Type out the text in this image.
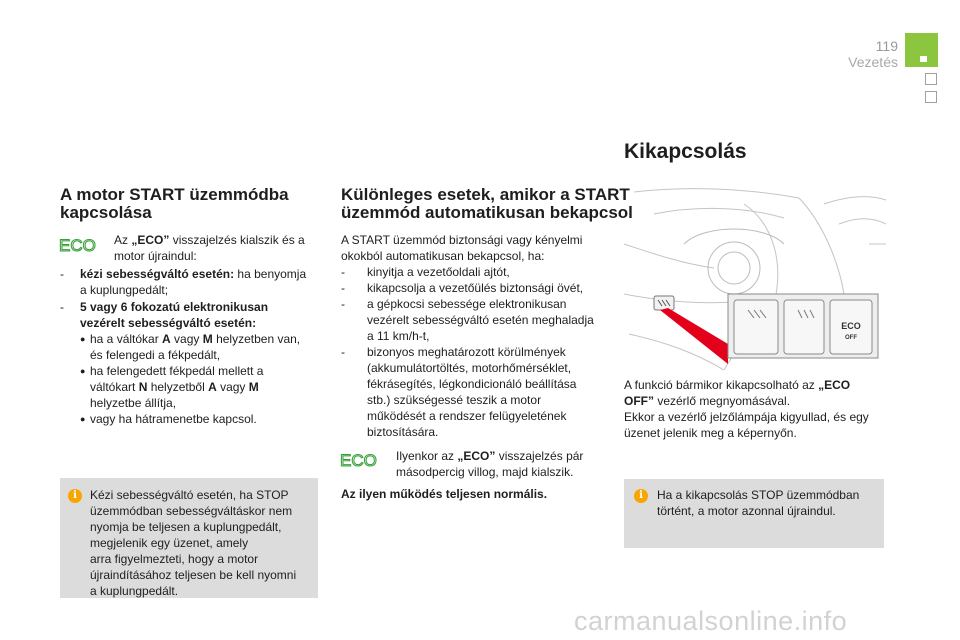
119
Vezetés
A motor START üzemmódba
kapcsolása
ECO Az „ECO” visszajelzés kialszik és a
motor újraindul:
- kézi sebességváltó esetén: ha benyomja
a kuplungpedált;
- 5 vagy 6 fokozatú elektronikusan
vezérelt sebességváltó esetén:
● ha a váltókar A vagy M helyzetben van,
és felengedi a fékpedált,
● ha felengedett fékpedál mellett a
váltókart N helyzetből A vagy M
helyzetbe állítja,
● vagy ha hátramenetbe kapcsol.
i	Kézi sebességváltó esetén, ha STOP
üzemmódban sebességváltáskor nem
nyomja be teljesen a kuplungpedált,
megjelenik egy üzenet, amely
arra figyelmezteti, hogy a motor
újraindításához teljesen be kell nyomni
a kuplungpedált.
Különleges esetek, amikor a START
üzemmód automatikusan bekapcsol
A START üzemmód biztonsági vagy kényelmi
okokból automatikusan bekapcsol, ha:
- kinyitja a vezetőoldali ajtót,
- kikapcsolja a vezetőülés biztonsági övét,
- a gépkocsi sebessége elektronikusan
vezérelt sebességváltó esetén meghaladja
a 11 km/h-t,
- bizonyos meghatározott körülmények
(akkumulátortöltés, motorhőmérséklet,
fékrásegítés, légkondicionáló beállítása
stb.) szükségessé teszik a motor
működését a rendszer felügyeletének
biztosítására.
ECO Ilyenkor az „ECO” visszajelzés pár
másodpercig villog, majd kialszik.
Az ilyen működés teljesen normális.
Kikapcsolás
ECO
OFF
A funkció bármikor kikapcsolható az „ECO
OFF” vezérlő megnyomásával.
Ekkor a vezérlő jelzőlámpája kigyullad, és egy
üzenet jelenik meg a képernyőn.
i	Ha a kikapcsolás STOP üzemmódban
történt, a motor azonnal újraindul.
carmanualsonline.info
